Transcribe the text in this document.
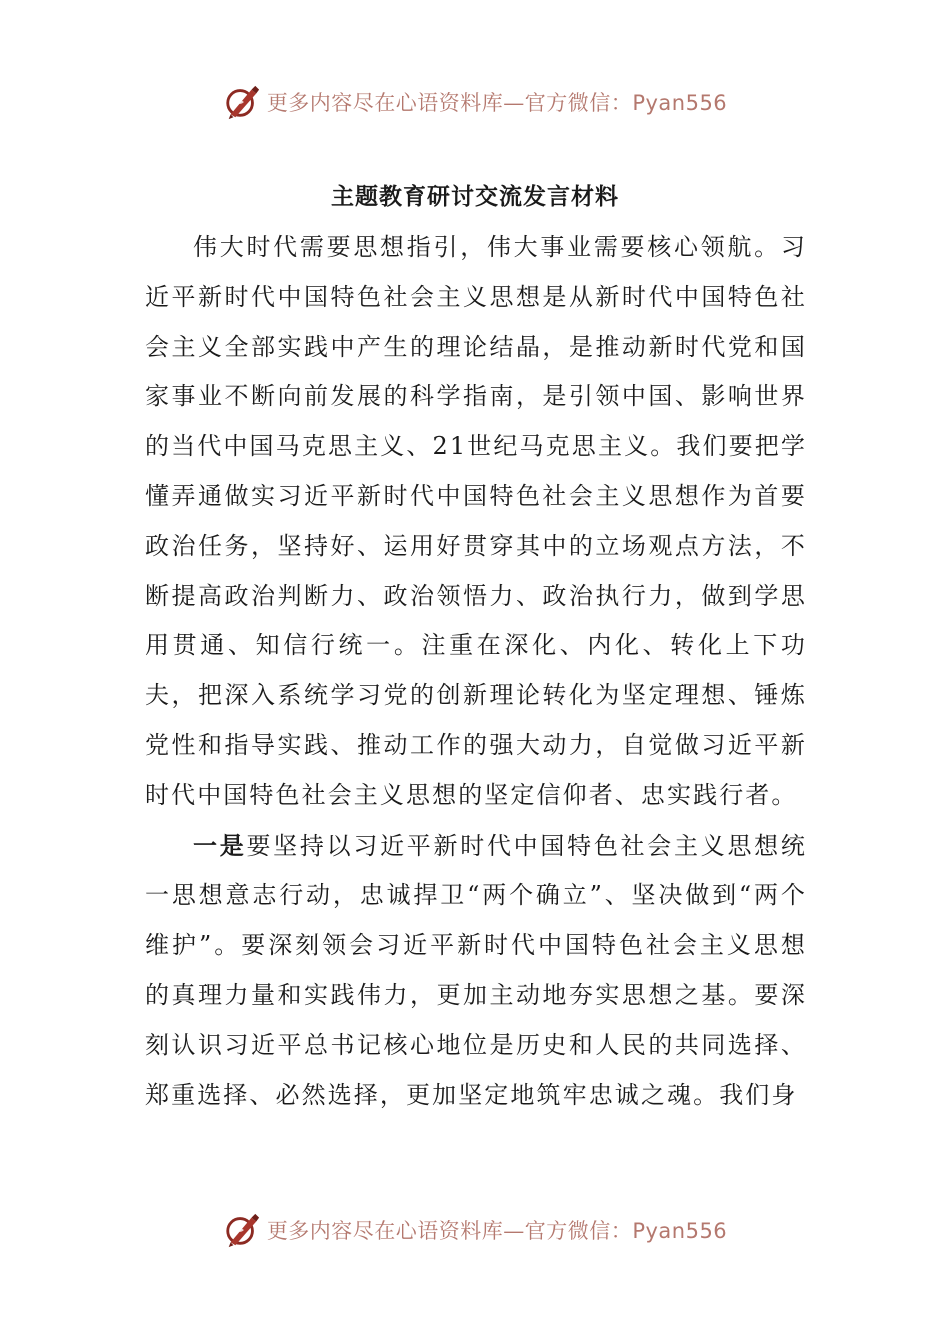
更多内容尽在心语资料库—官方微信：Pyan556
主题教育研讨交流发言材料

伟大时代需要思想指引，伟大事业需要核心领航。习近平新时代中国特色社会主义思想是从新时代中国特色社会主义全部实践中产生的理论结晶，是推动新时代党和国家事业不断向前发展的科学指南，是引领中国、影响世界的当代中国马克思主义、21世纪马克思主义。我们要把学懂弄通做实习近平新时代中国特色社会主义思想作为首要政治任务，坚持好、运用好贯穿其中的立场观点方法，不断提高政治判断力、政治领悟力、政治执行力，做到学思用贯通、知信行统一。注重在深化、内化、转化上下功夫，把深入系统学习党的创新理论转化为坚定理想、锤炼党性和指导实践、推动工作的强大动力，自觉做习近平新时代中国特色社会主义思想的坚定信仰者、忠实践行者。

一是要坚持以习近平新时代中国特色社会主义思想统一思想意志行动，忠诚捍卫“两个确立”、坚决做到“两个维护”。要深刻领会习近平新时代中国特色社会主义思想的真理力量和实践伟力，更加主动地夯实思想之基。要深刻认识习近平总书记核心地位是历史和人民的共同选择、郑重选择、必然选择，更加坚定地筑牢忠诚之魂。我们身

更多内容尽在心语资料库—官方微信：Pyan556
